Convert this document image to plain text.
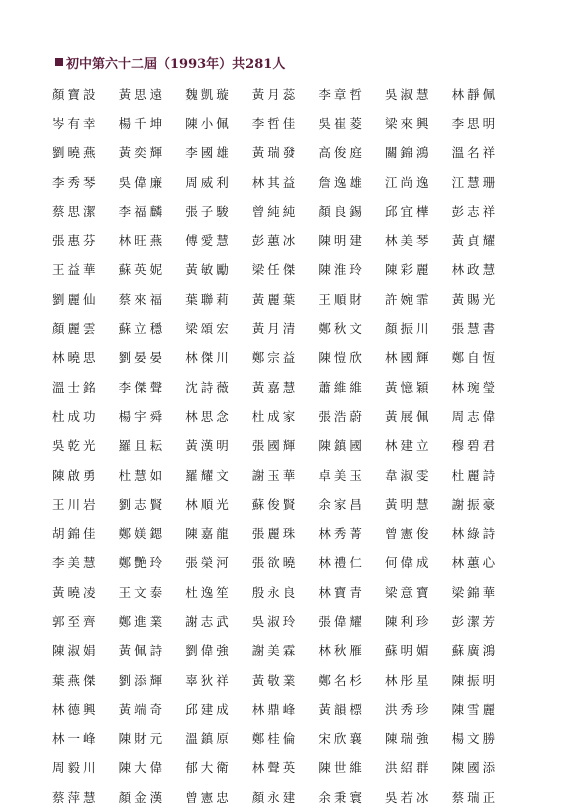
初中第六十二屆（1993年）共281人
顏寶設	黃思遠	魏凱璇	黃月蕊	李章哲	吳淑慧	林靜佩
岑有幸	楊千坤	陳小佩	李哲佳	吳崔菱	梁來興	李思明
劉曉燕	黃奕輝	李國雄	黃瑞發	高俊庭	關錦鴻	溫名祥
李秀琴	吳偉廉	周威利	林其益	詹逸雄	江尚逸	江慧珊
蔡思潔	李福麟	張子駿	曾純純	顏良錫	邱宜樺	彭志祥
張惠芬	林旺燕	傅愛慧	彭蕙冰	陳明建	林美琴	黃貞耀
王益華	蘇英妮	黃敏勵	梁任傑	陳淮玲	陳彩麗	林政慧
劉麗仙	蔡來福	葉聯莉	黃麗葉	王順財	許婉霏	黃賜光
顏麗雲	蘇立穩	梁頌宏	黃月清	鄭秋文	顏振川	張慧書
林曉思	劉晏晏	林傑川	鄭宗益	陳愷欣	林國輝	鄭自恆
溫士銘	李傑聲	沈詩薇	黃嘉慧	蕭維維	黃憶穎	林琬瑩
杜成功	楊宇舜	林思念	杜成家	張浩蔚	黃展佩	周志偉
吳乾光	羅且耘	黃漢明	張國輝	陳鎮國	林建立	穆碧君
陳啟勇	杜慧如	羅耀文	謝玉華	卓美玉	韋淑雯	杜麗詩
王川岩	劉志賢	林順光	蘇俊賢	余家昌	黃明慧	謝振豪
胡錦佳	鄭媄鍶	陳嘉龍	張麗珠	林秀菁	曾憲俊	林綠詩
李美慧	鄭艷玲	張榮河	張欲曉	林禮仁	何偉成	林蕙心
黃曉凌	王文泰	杜逸笙	殷永良	林寶青	梁意寶	梁錦華
郭至齊	鄭進業	謝志武	吳淑玲	張偉耀	陳利珍	彭潔芳
陳淑娟	黃佩詩	劉偉強	謝美霖	林秋雁	蘇明媚	蘇廣鴻
葉燕傑	劉添輝	辜狄祥	黃敬業	鄭名杉	林彤星	陳振明
林德興	黃端奇	邱建成	林鼎峰	黃韻標	洪秀珍	陳雪麗
林一峰	陳財元	溫鎮原	鄭桂倫	宋欣襄	陳瑞強	楊文勝
周毅川	陳大偉	郁大衛	林聲英	陳世維	洪紹群	陳國添
蔡萍慧	顏金漢	曾憲忠	顏永建	余秉寰	吳若冰	蔡瑞正
